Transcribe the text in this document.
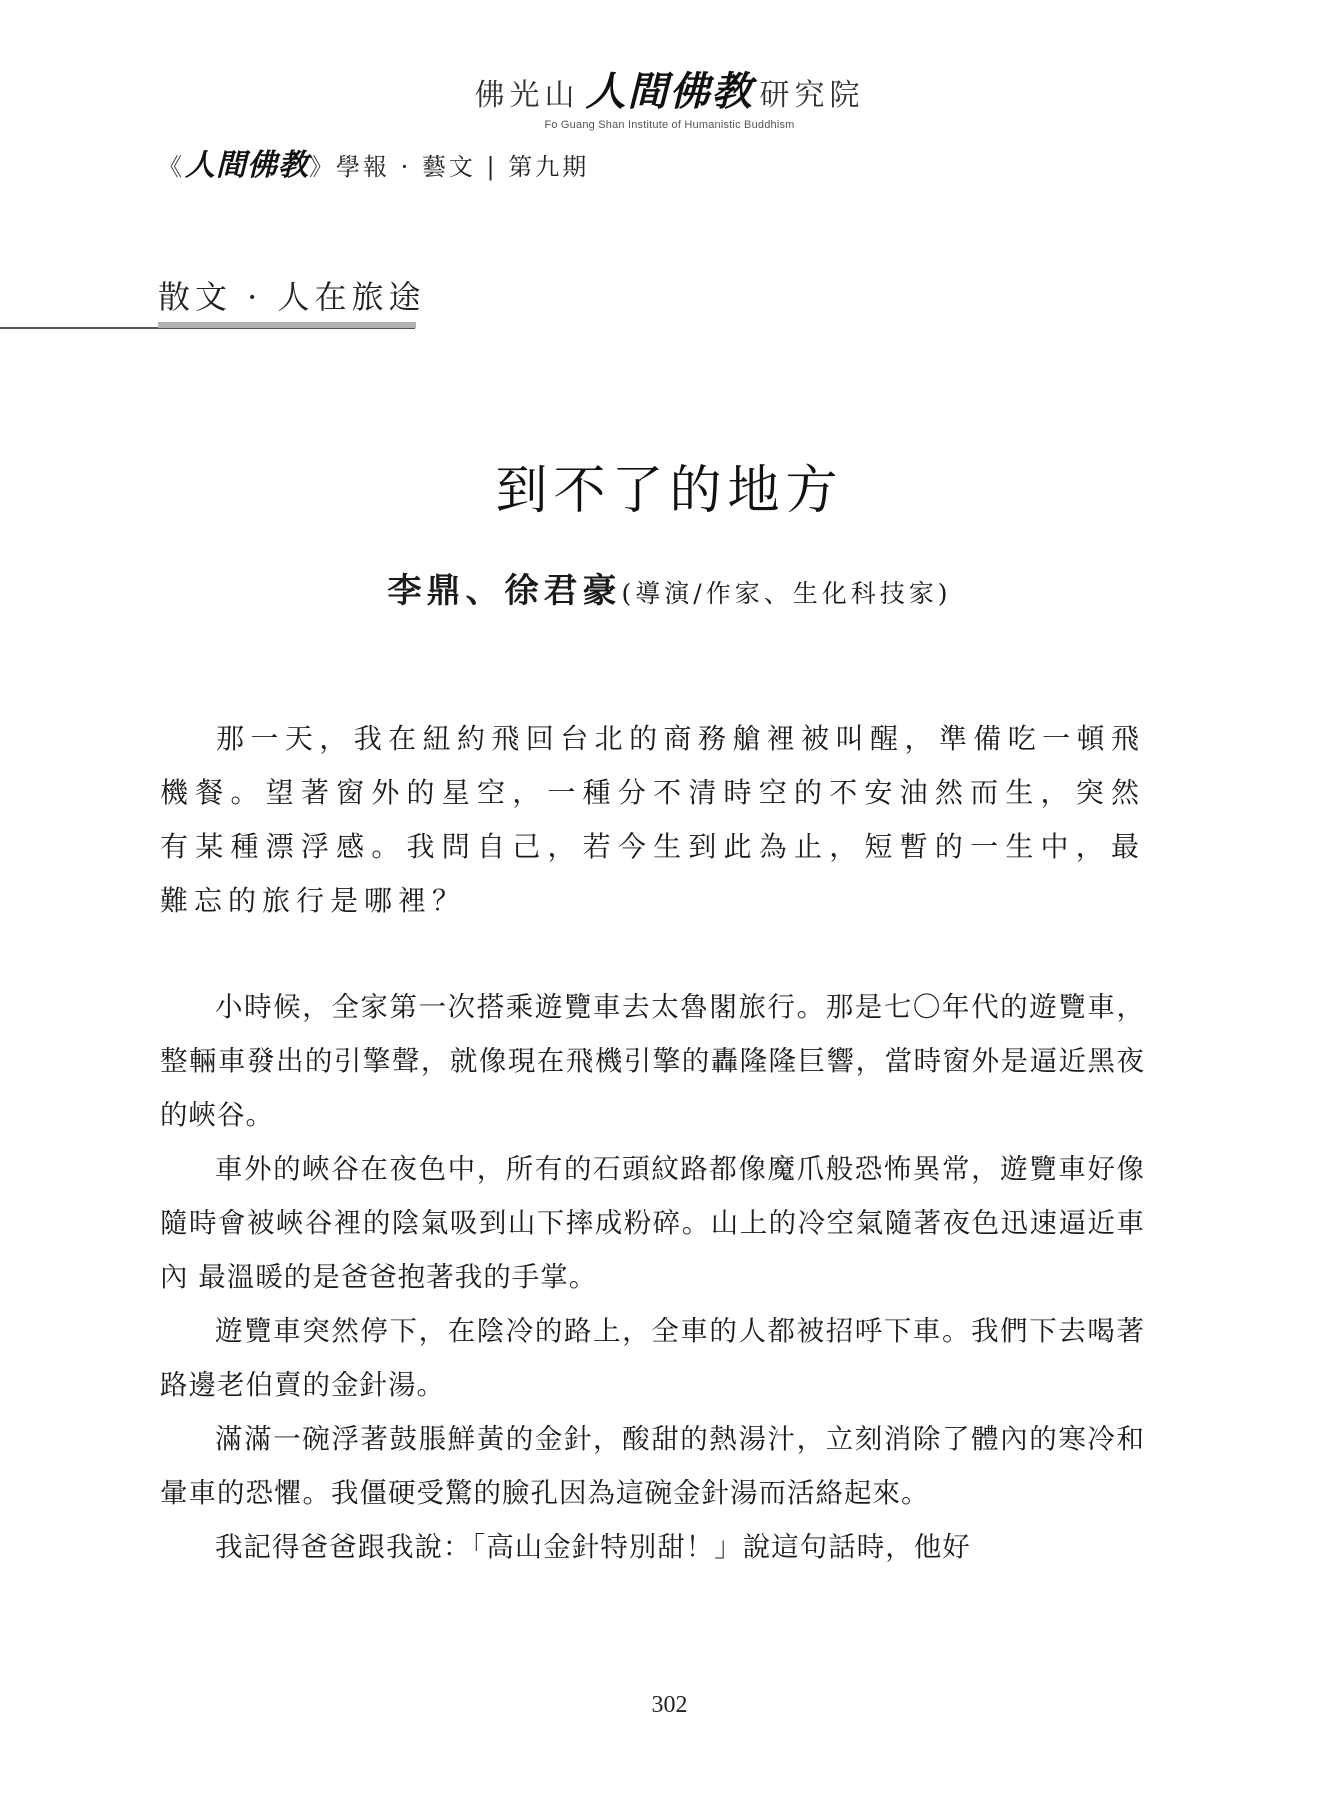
佛光山 人間佛教 研究院
Fo Guang Shan Institute of Humanistic Buddhism
《人間佛教》學報 · 藝文 | 第九期
散文 · 人在旅途
到不了的地方
李鼎、徐君豪(導演/作家、生化科技家)

那一天，我在紐約飛回台北的商務艙裡被叫醒，準備吃一頓飛機餐。望著窗外的星空，一種分不清時空的不安油然而生，突然有某種漂浮感。我問自己，若今生到此為止，短暫的一生中，最難忘的旅行是哪裡？

小時候，全家第一次搭乘遊覽車去太魯閣旅行。那是七〇年代的遊覽車，整輛車發出的引擎聲，就像現在飛機引擎的轟隆隆巨響，當時窗外是逼近黑夜的峽谷。

車外的峽谷在夜色中，所有的石頭紋路都像魔爪般恐怖異常，遊覽車好像隨時會被峽谷裡的陰氣吸到山下摔成粉碎。山上的冷空氣隨著夜色迅速逼近車內 最溫暖的是爸爸抱著我的手掌。

遊覽車突然停下，在陰冷的路上，全車的人都被招呼下車。我們下去喝著路邊老伯賣的金針湯。

滿滿一碗浮著鼓脹鮮黃的金針，酸甜的熱湯汁，立刻消除了體內的寒冷和暈車的恐懼。我僵硬受驚的臉孔因為這碗金針湯而活絡起來。

我記得爸爸跟我說：「高山金針特別甜！」說這句話時，他好

302
